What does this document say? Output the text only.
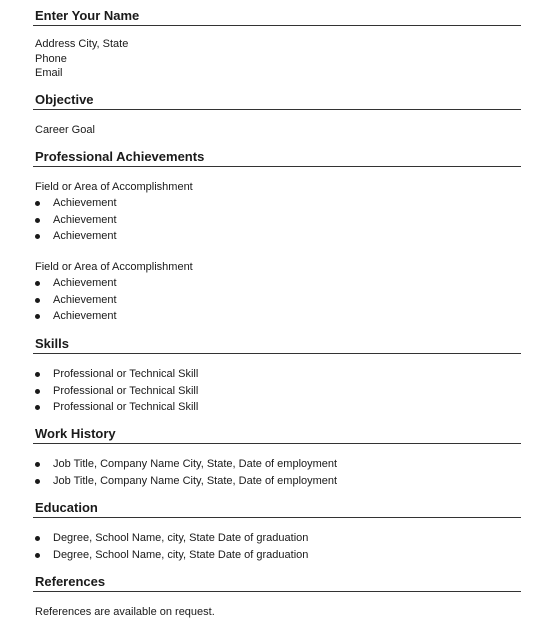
Enter Your Name
Address City, State
Phone
Email
Objective
Career Goal
Professional Achievements
Field or Area of Accomplishment
Achievement
Achievement
Achievement
Field or Area of Accomplishment
Achievement
Achievement
Achievement
Skills
Professional or Technical Skill
Professional or Technical Skill
Professional or Technical Skill
Work History
Job Title, Company Name City, State, Date of employment
Job Title, Company Name City, State, Date of employment
Education
Degree, School Name, city, State Date of graduation
Degree, School Name, city, State Date of graduation
References
References are available on request.
